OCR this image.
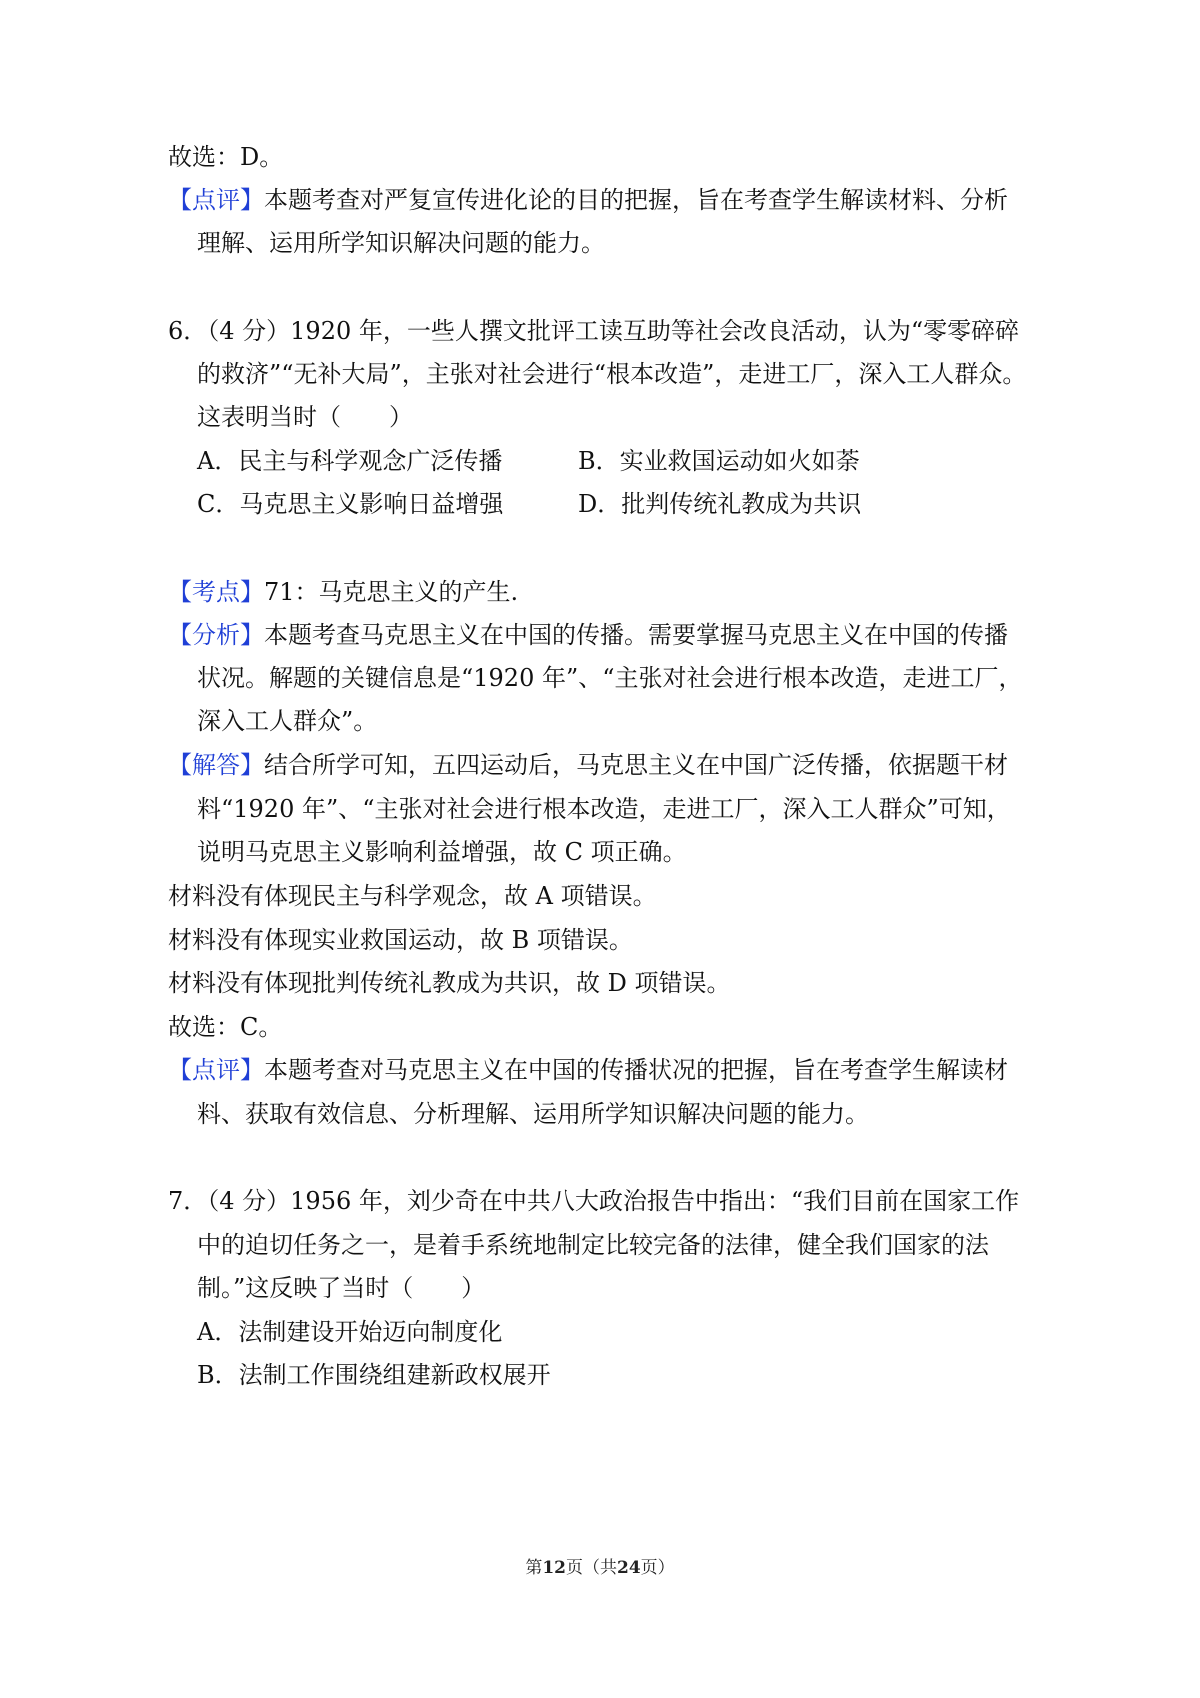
故选：D。
【点评】本题考查对严复宣传进化论的目的把握，旨在考查学生解读材料、分析
理解、运用所学知识解决问题的能力。
6．（4 分）1920 年，一些人撰文批评工读互助等社会改良活动，认为“零零碎碎
的救济”“无补大局”，主张对社会进行“根本改造”，走进工厂，深入工人群众。
这表明当时（　　）
A．民主与科学观念广泛传播	B．实业救国运动如火如荼
C．马克思主义影响日益增强	D．批判传统礼教成为共识
【考点】71：马克思主义的产生.
【分析】本题考查马克思主义在中国的传播。需要掌握马克思主义在中国的传播
状况。解题的关键信息是“1920 年”、“主张对社会进行根本改造，走进工厂，
深入工人群众”。
【解答】结合所学可知，五四运动后，马克思主义在中国广泛传播，依据题干材
料“1920 年”、“主张对社会进行根本改造，走进工厂，深入工人群众”可知，
说明马克思主义影响利益增强，故 C 项正确。
材料没有体现民主与科学观念，故 A 项错误。
材料没有体现实业救国运动，故 B 项错误。
材料没有体现批判传统礼教成为共识，故 D 项错误。
故选：C。
【点评】本题考查对马克思主义在中国的传播状况的把握，旨在考查学生解读材
料、获取有效信息、分析理解、运用所学知识解决问题的能力。
7．（4 分）1956 年，刘少奇在中共八大政治报告中指出：“我们目前在国家工作
中的迫切任务之一，是着手系统地制定比较完备的法律，健全我们国家的法
制。”这反映了当时（　　）
A．法制建设开始迈向制度化
B．法制工作围绕组建新政权展开
第12页（共24页）
